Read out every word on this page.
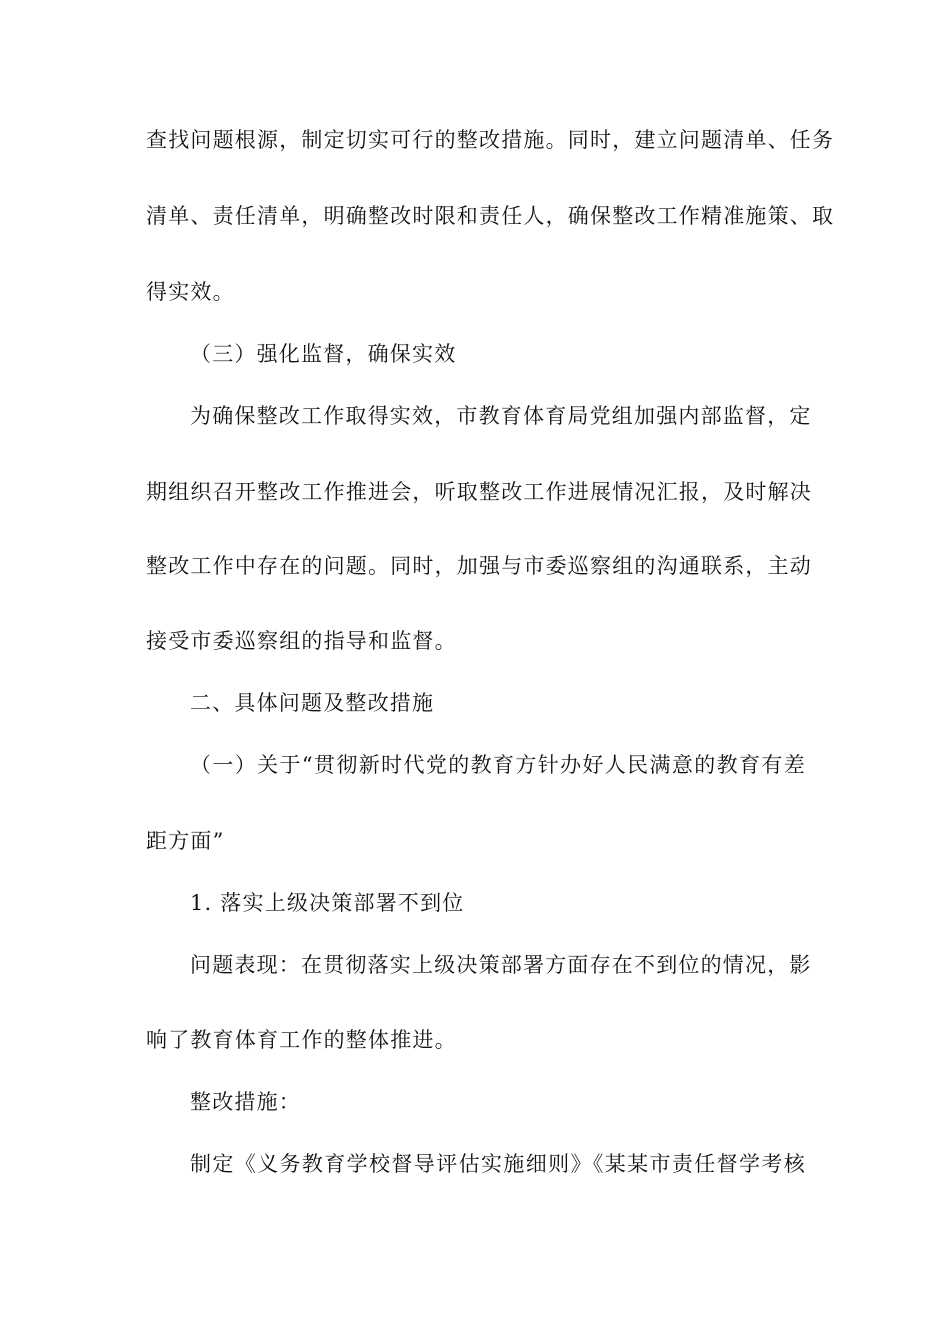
查找问题根源，制定切实可行的整改措施。同时，建立问题清单、任务
清单、责任清单，明确整改时限和责任人，确保整改工作精准施策、取
得实效。
（三）强化监督，确保实效
为确保整改工作取得实效，市教育体育局党组加强内部监督，定
期组织召开整改工作推进会，听取整改工作进展情况汇报，及时解决
整改工作中存在的问题。同时，加强与市委巡察组的沟通联系，主动
接受市委巡察组的指导和监督。
二、具体问题及整改措施
（一）关于“贯彻新时代党的教育方针办好人民满意的教育有差
距方面”
1. 落实上级决策部署不到位
问题表现：在贯彻落实上级决策部署方面存在不到位的情况，影
响了教育体育工作的整体推进。
整改措施：
制定《义务教育学校督导评估实施细则》《某某市责任督学考核
